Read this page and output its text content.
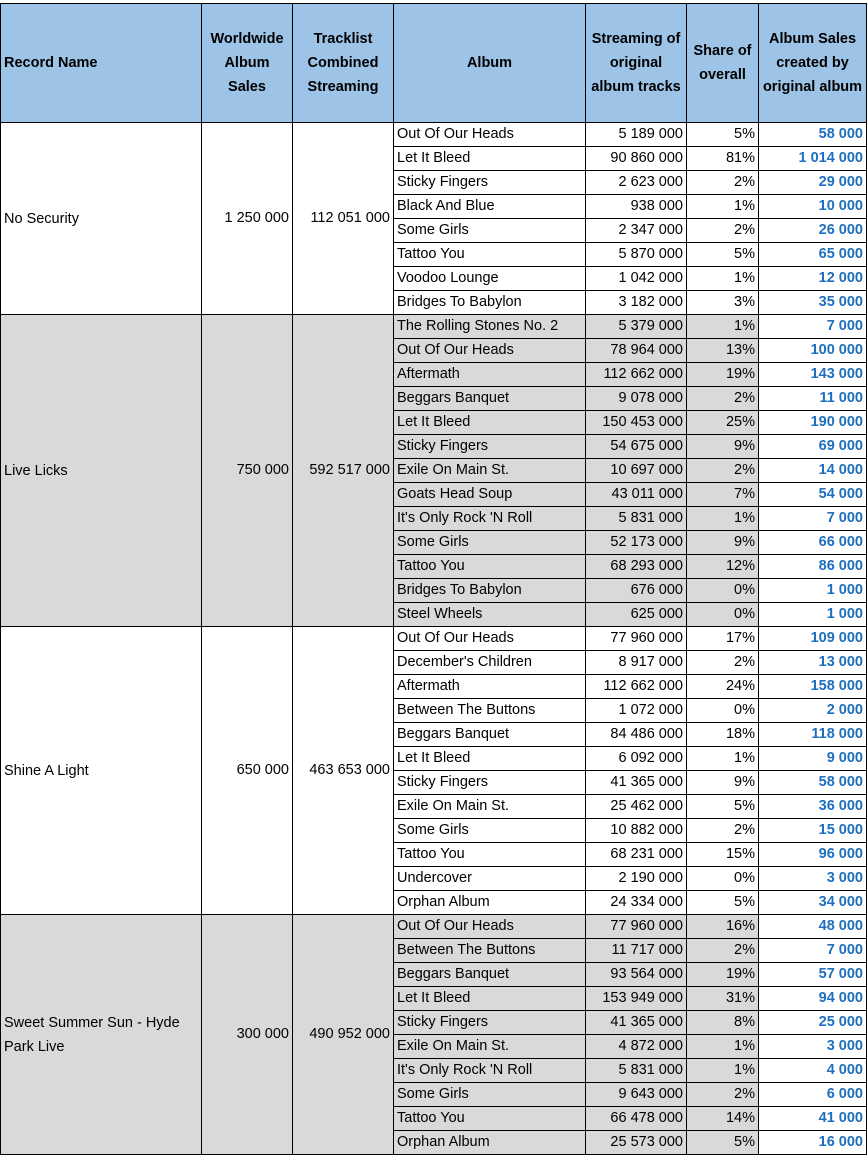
Record Name	Worldwide Album Sales	Tracklist Combined Streaming	Album	Streaming of original album tracks	Share of overall	Album Sales created by original album
No Security	1 250 000	112 051 000	Out Of Our Heads	5 189 000	5%	58 000
			Let It Bleed	90 860 000	81%	1 014 000
			Sticky Fingers	2 623 000	2%	29 000
			Black And Blue	938 000	1%	10 000
			Some Girls	2 347 000	2%	26 000
			Tattoo You	5 870 000	5%	65 000
			Voodoo Lounge	1 042 000	1%	12 000
			Bridges To Babylon	3 182 000	3%	35 000
Live Licks	750 000	592 517 000	The Rolling Stones No. 2	5 379 000	1%	7 000
			Out Of Our Heads	78 964 000	13%	100 000
			Aftermath	112 662 000	19%	143 000
			Beggars Banquet	9 078 000	2%	11 000
			Let It Bleed	150 453 000	25%	190 000
			Sticky Fingers	54 675 000	9%	69 000
			Exile On Main St.	10 697 000	2%	14 000
			Goats Head Soup	43 011 000	7%	54 000
			It's Only Rock 'N Roll	5 831 000	1%	7 000
			Some Girls	52 173 000	9%	66 000
			Tattoo You	68 293 000	12%	86 000
			Bridges To Babylon	676 000	0%	1 000
			Steel Wheels	625 000	0%	1 000
Shine A Light	650 000	463 653 000	Out Of Our Heads	77 960 000	17%	109 000
			December's Children	8 917 000	2%	13 000
			Aftermath	112 662 000	24%	158 000
			Between The Buttons	1 072 000	0%	2 000
			Beggars Banquet	84 486 000	18%	118 000
			Let It Bleed	6 092 000	1%	9 000
			Sticky Fingers	41 365 000	9%	58 000
			Exile On Main St.	25 462 000	5%	36 000
			Some Girls	10 882 000	2%	15 000
			Tattoo You	68 231 000	15%	96 000
			Undercover	2 190 000	0%	3 000
			Orphan Album	24 334 000	5%	34 000
Sweet Summer Sun - Hyde Park Live	300 000	490 952 000	Out Of Our Heads	77 960 000	16%	48 000
			Between The Buttons	11 717 000	2%	7 000
			Beggars Banquet	93 564 000	19%	57 000
			Let It Bleed	153 949 000	31%	94 000
			Sticky Fingers	41 365 000	8%	25 000
			Exile On Main St.	4 872 000	1%	3 000
			It's Only Rock 'N Roll	5 831 000	1%	4 000
			Some Girls	9 643 000	2%	6 000
			Tattoo You	66 478 000	14%	41 000
			Orphan Album	25 573 000	5%	16 000
